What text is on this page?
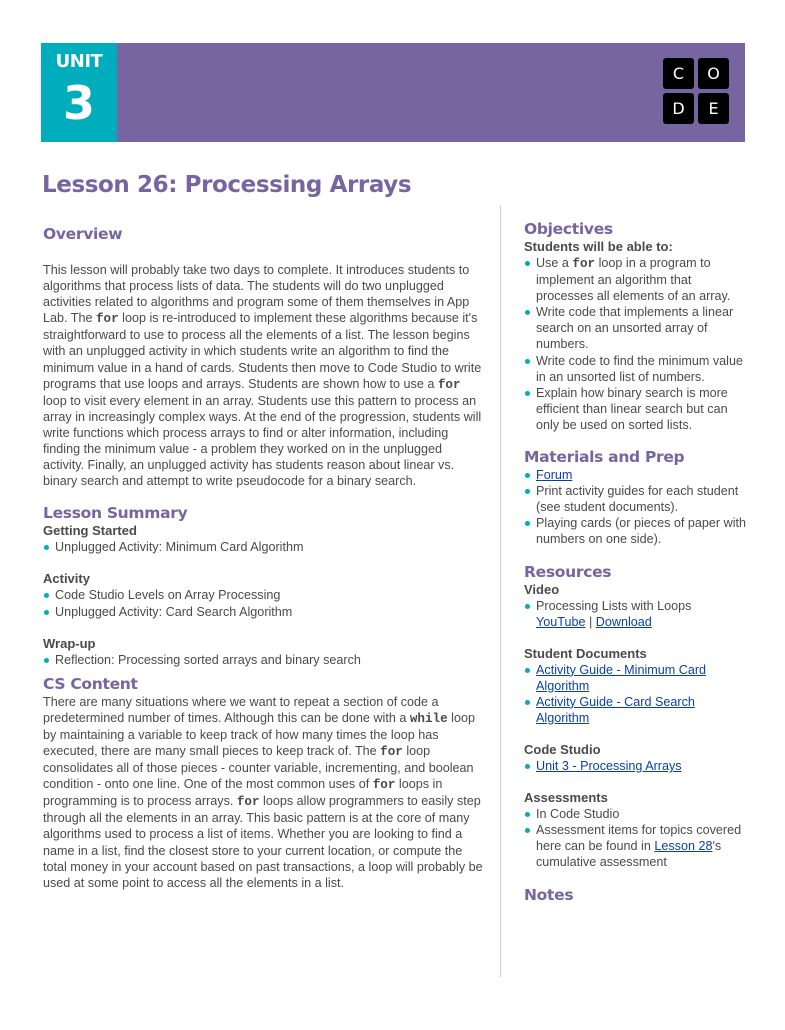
UNIT
3
C	O
D	E
Lesson 26: Processing Arrays
Overview

This lesson will probably take two days to complete. It introduces students to algorithms that process lists of data. The students will do two unplugged activities related to algorithms and program some of them themselves in App Lab. The for loop is re-introduced to implement these algorithms because it's straightforward to use to process all the elements of a list. The lesson begins with an unplugged activity in which students write an algorithm to find the minimum value in a hand of cards. Students then move to Code Studio to write programs that use loops and arrays. Students are shown how to use a for loop to visit every element in an array. Students use this pattern to process an array in increasingly complex ways. At the end of the progression, students will write functions which process arrays to find or alter information, including finding the minimum value - a problem they worked on in the unplugged activity. Finally, an unplugged activity has students reason about linear vs. binary search and attempt to write pseudocode for a binary search.

Lesson Summary
Getting Started
Unplugged Activity: Minimum Card Algorithm
Activity
Code Studio Levels on Array Processing
Unplugged Activity: Card Search Algorithm
Wrap-up
Reflection: Processing sorted arrays and binary search
CS Content

There are many situations where we want to repeat a section of code a predetermined number of times. Although this can be done with a while loop by maintaining a variable to keep track of how many times the loop has executed, there are many small pieces to keep track of. The for loop consolidates all of those pieces - counter variable, incrementing, and boolean condition - onto one line. One of the most common uses of for loops in programming is to process arrays. for loops allow programmers to easily step through all the elements in an array. This basic pattern is at the core of many algorithms used to process a list of items. Whether you are looking to find a name in a list, find the closest store to your current location, or compute the total money in your account based on past transactions, a loop will probably be used at some point to access all the elements in a list.

Objectives
Students will be able to:
Use a for loop in a program to implement an algorithm that processes all elements of an array.
Write code that implements a linear search on an unsorted array of numbers.
Write code to find the minimum value in an unsorted list of numbers.
Explain how binary search is more efficient than linear search but can only be used on sorted lists.
Materials and Prep
Forum
Print activity guides for each student (see student documents).
Playing cards (or pieces of paper with numbers on one side).
Resources
Video
Processing Lists with Loops
YouTube | Download
Student Documents
Activity Guide - Minimum Card Algorithm
Activity Guide - Card Search Algorithm
Code Studio
Unit 3 - Processing Arrays
Assessments
In Code Studio
Assessment items for topics covered here can be found in Lesson 28's cumulative assessment
Notes
